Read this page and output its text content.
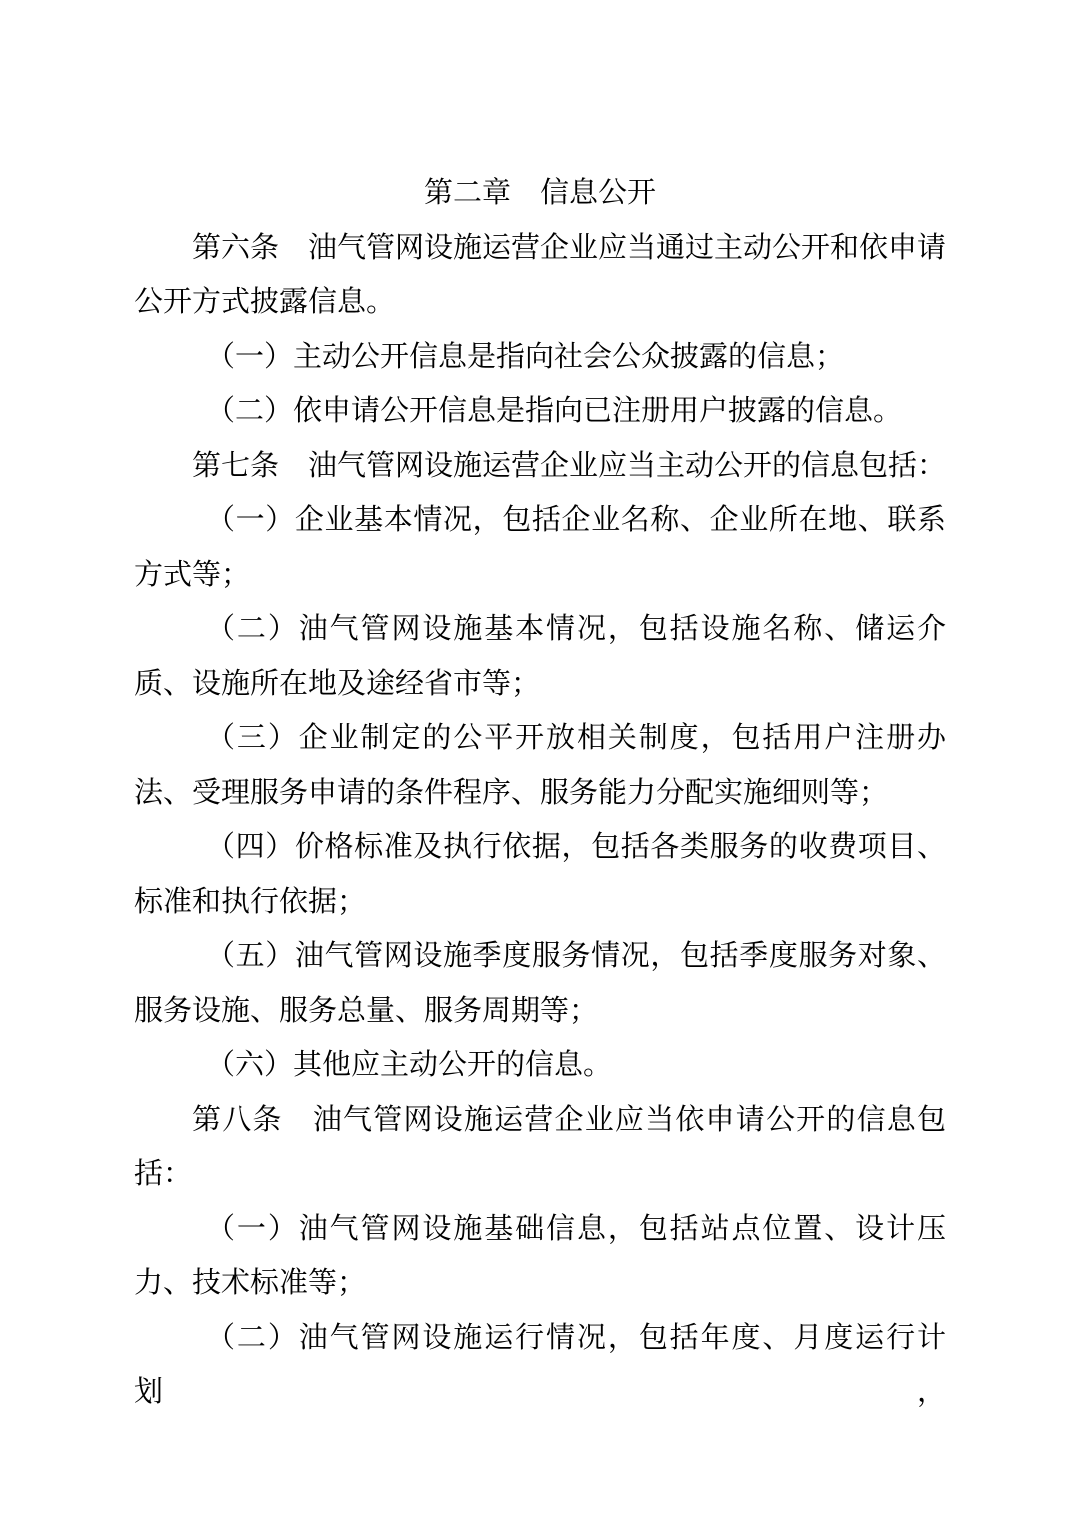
第二章　信息公开

第六条　油气管网设施运营企业应当通过主动公开和依申请公开方式披露信息。

（一）主动公开信息是指向社会公众披露的信息；

（二）依申请公开信息是指向已注册用户披露的信息。

第七条　油气管网设施运营企业应当主动公开的信息包括：

（一）企业基本情况，包括企业名称、企业所在地、联系方式等；

（二）油气管网设施基本情况，包括设施名称、储运介质、设施所在地及途经省市等；

（三）企业制定的公平开放相关制度，包括用户注册办法、受理服务申请的条件程序、服务能力分配实施细则等；

（四）价格标准及执行依据，包括各类服务的收费项目、标准和执行依据；

（五）油气管网设施季度服务情况，包括季度服务对象、服务设施、服务总量、服务周期等；

（六）其他应主动公开的信息。

第八条　油气管网设施运营企业应当依申请公开的信息包括：

（一）油气管网设施基础信息，包括站点位置、设计压力、技术标准等；

（二）油气管网设施运行情况，包括年度、月度运行计划，
